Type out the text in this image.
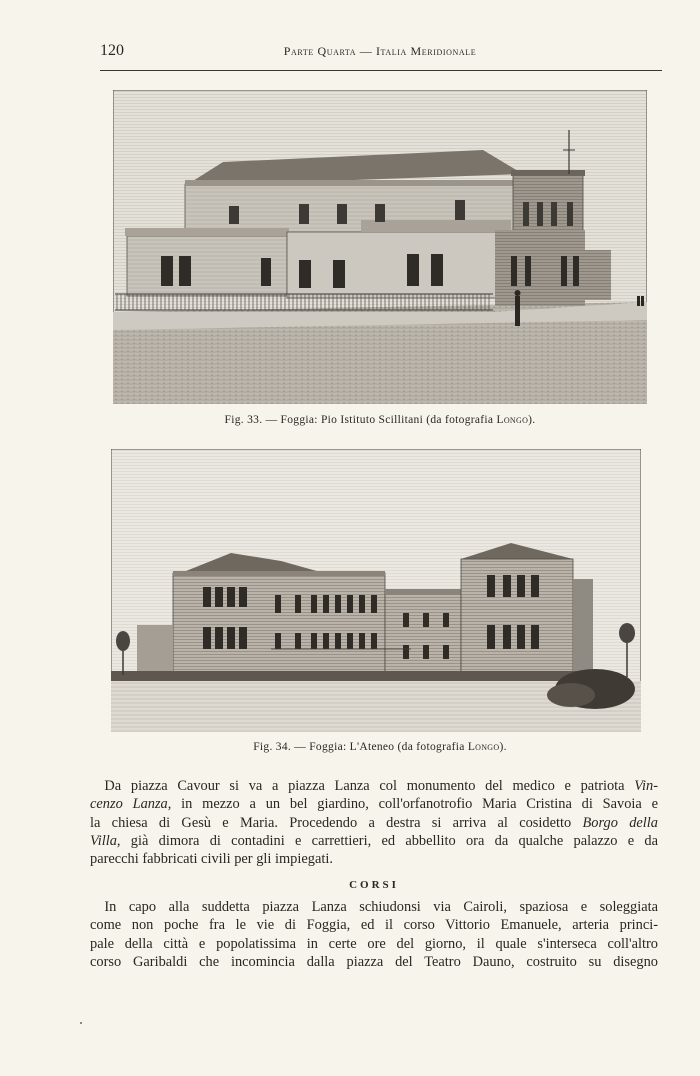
120	Parte Quarta — Italia Meridionale
Fig. 33. — Foggia: Pio Istituto Scillitani (da fotografia Longo).
Fig. 34. — Foggia: L'Ateneo (da fotografia Longo).
 Da piazza Cavour si va a piazza Lanza col monumento del medico e patriota Vin-
cenzo Lanza, in mezzo a un bel giardino, coll'orfanotrofio Maria Cristina di Savoia e
la chiesa di Gesù e Maria. Procedendo a destra si arriva al cosidetto Borgo della
Villa, già dimora di contadini e carrettieri, ed abbellito ora da qualche palazzo e da
parecchi fabbricati civili per gli impiegati.
CORSI
 In capo alla suddetta piazza Lanza schiudonsi via Cairoli, spaziosa e soleggiata
come non poche fra le vie di Foggia, ed il corso Vittorio Emanuele, arteria princi-
pale della città e popolatissima in certe ore del giorno, il quale s'interseca coll'altro
corso Garibaldi che incomincia dalla piazza del Teatro Dauno, costruito su disegno
